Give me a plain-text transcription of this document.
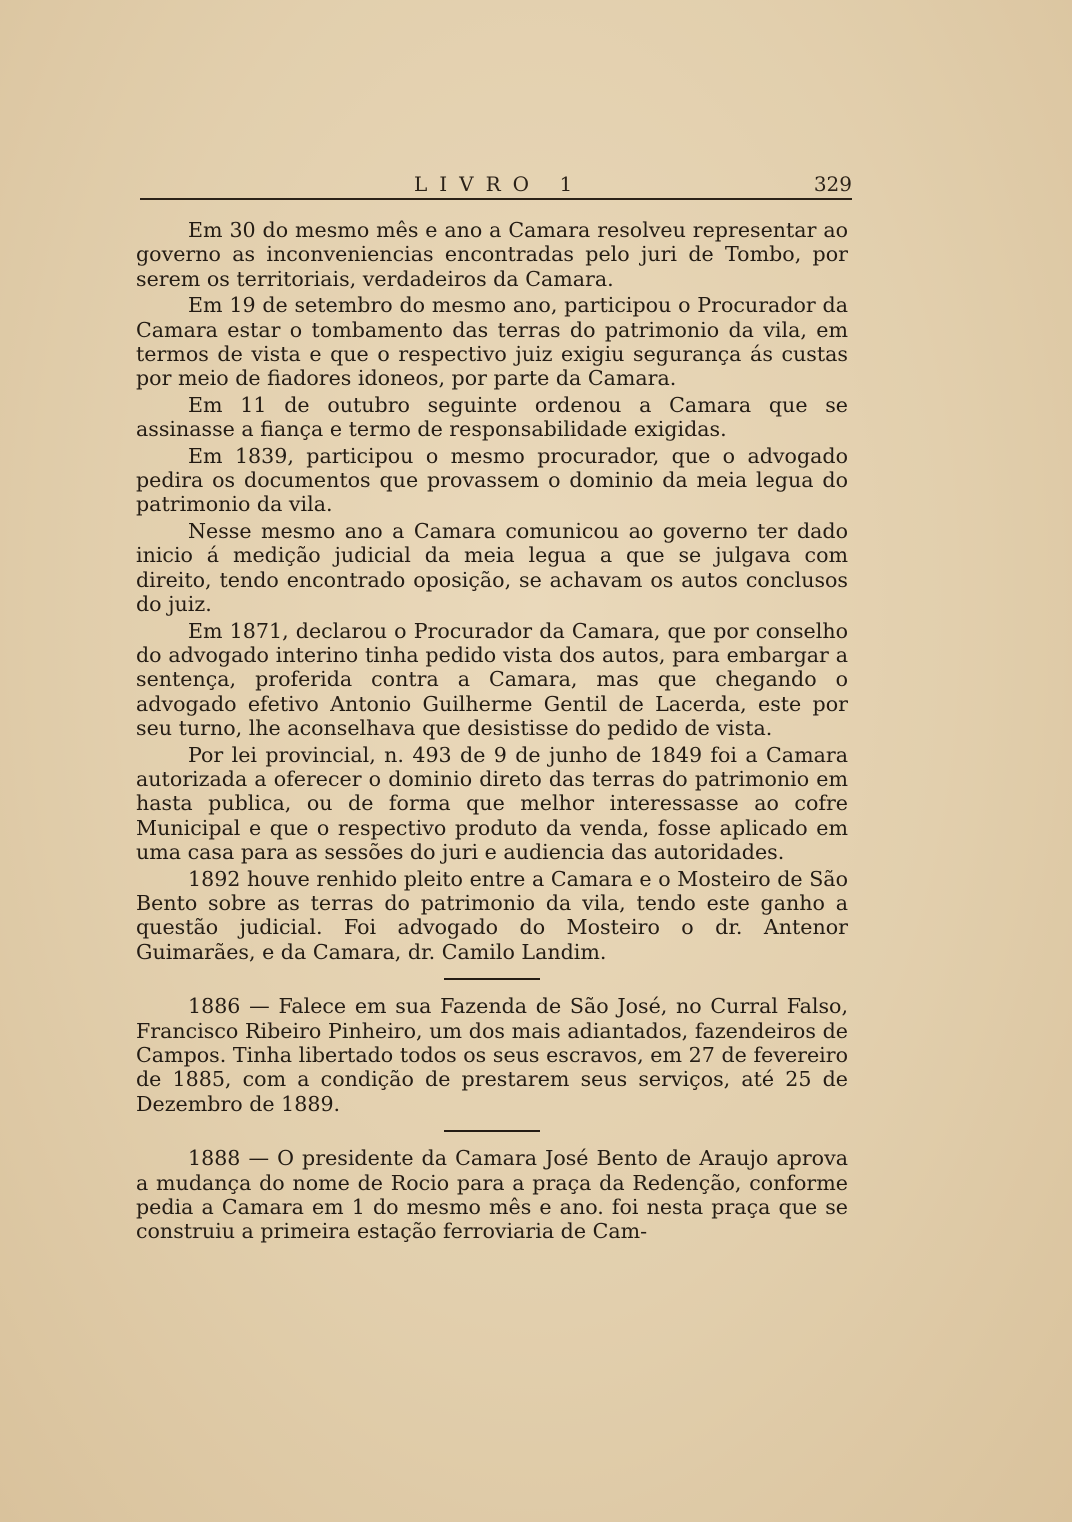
LIVRO 1	329

Em 30 do mesmo mês e ano a Camara resolveu representar ao governo as inconveniencias encontradas pelo juri de Tombo, por serem os territoriais, verdadeiros da Camara.

Em 19 de setembro do mesmo ano, participou o Procurador da Camara estar o tombamento das terras do patrimonio da vila, em termos de vista e que o respectivo juiz exigiu segurança ás custas por meio de fiadores idoneos, por parte da Camara.

Em 11 de outubro seguinte ordenou a Camara que se assinasse a fiança e termo de responsabilidade exigidas.

Em 1839, participou o mesmo procurador, que o advogado pedira os documentos que provassem o dominio da meia legua do patrimonio da vila.

Nesse mesmo ano a Camara comunicou ao governo ter dado inicio á medição judicial da meia legua a que se julgava com direito, tendo encontrado oposição, se achavam os autos conclusos do juiz.

Em 1871, declarou o Procurador da Camara, que por conselho do advogado interino tinha pedido vista dos autos, para embargar a sentença, proferida contra a Camara, mas que chegando o advogado efetivo Antonio Guilherme Gentil de Lacerda, este por seu turno, lhe aconselhava que desistisse do pedido de vista.

Por lei provincial, n. 493 de 9 de junho de 1849 foi a Camara autorizada a oferecer o dominio direto das terras do patrimonio em hasta publica, ou de forma que melhor interessasse ao cofre Municipal e que o respectivo produto da venda, fosse aplicado em uma casa para as sessões do juri e audiencia das autoridades.

1892 houve renhido pleito entre a Camara e o Mosteiro de São Bento sobre as terras do patrimonio da vila, tendo este ganho a questão judicial. Foi advogado do Mosteiro o dr. Antenor Guimarães, e da Camara, dr. Camilo Landim.

1886 — Falece em sua Fazenda de São José, no Curral Falso, Francisco Ribeiro Pinheiro, um dos mais adiantados, fazendeiros de Campos. Tinha libertado todos os seus escravos, em 27 de fevereiro de 1885, com a condição de prestarem seus serviços, até 25 de Dezembro de 1889.

1888 — O presidente da Camara José Bento de Araujo aprova a mudança do nome de Rocio para a praça da Redenção, conforme pedia a Camara em 1 do mesmo mês e ano. foi nesta praça que se construiu a primeira estação ferroviaria de Cam-
